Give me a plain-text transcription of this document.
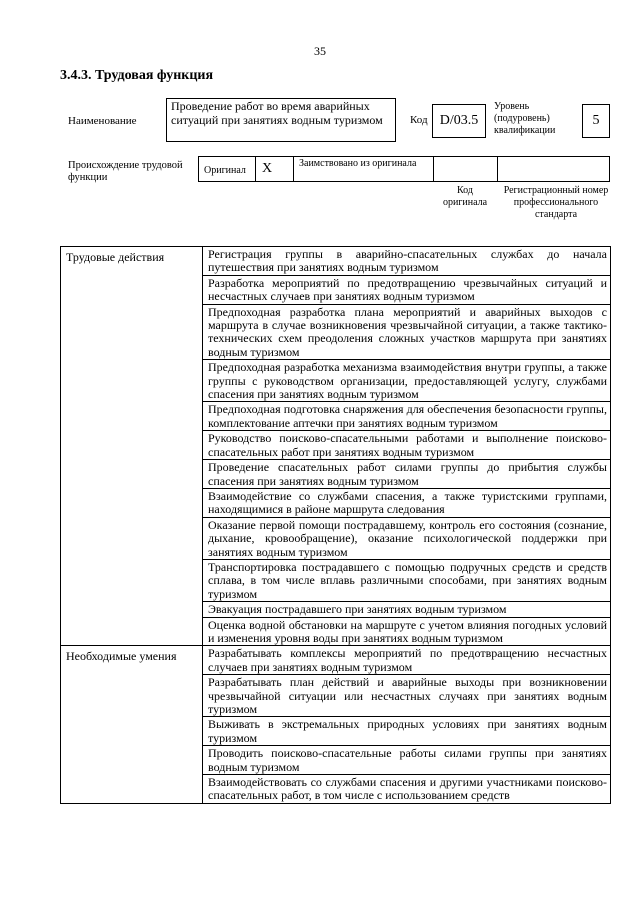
35
3.4.3. Трудовая функция
Наименование
Проведение работ во время аварийных ситуаций при занятиях водным туризмом	Код D/03.5
Уровень (подуровень) квалификации
5
Происхождение трудовой функции
Оригинал X	Заимствовано из оригинала
Код оригинала
Регистрационный номер профессионального стандарта
Трудовые действия	Регистрация группы в аварийно-спасательных службах до начала путешествия при занятиях водным туризмом
	Разработка мероприятий по предотвращению чрезвычайных ситуаций и несчастных случаев при занятиях водным туризмом
	Предпоходная разработка плана мероприятий и аварийных выходов с маршрута в случае возникновения чрезвычайной ситуации, а также тактико-технических схем преодоления сложных участков маршрута при занятиях водным туризмом
	Предпоходная разработка механизма взаимодействия внутри группы, а также группы с руководством организации, предоставляющей услугу, службами спасения при занятиях водным туризмом
	Предпоходная подготовка снаряжения для обеспечения безопасности группы, комплектование аптечки при занятиях водным туризмом
	Руководство поисково-спасательными работами и выполнение поисково-спасательных работ при занятиях водным туризмом
	Проведение спасательных работ силами группы до прибытия службы спасения при занятиях водным туризмом
	Взаимодействие со службами спасения, а также туристскими группами, находящимися в районе маршрута следования
	Оказание первой помощи пострадавшему, контроль его состояния (сознание, дыхание, кровообращение), оказание психологической поддержки при занятиях водным туризмом
	Транспортировка пострадавшего с помощью подручных средств и средств сплава, в том числе вплавь различными способами, при занятиях водным туризмом
	Эвакуация пострадавшего при занятиях водным туризмом
	Оценка водной обстановки на маршруте с учетом влияния погодных условий и изменения уровня воды при занятиях водным туризмом
Необходимые умения	Разрабатывать комплексы мероприятий по предотвращению несчастных случаев при занятиях водным туризмом
	Разрабатывать план действий и аварийные выходы при возникновении чрезвычайной ситуации или несчастных случаях при занятиях водным туризмом
	Выживать в экстремальных природных условиях при занятиях водным туризмом
	Проводить поисково-спасательные работы силами группы при занятиях водным туризмом
	Взаимодействовать со службами спасения и другими участниками поисково-спасательных работ, в том числе с использованием средств
